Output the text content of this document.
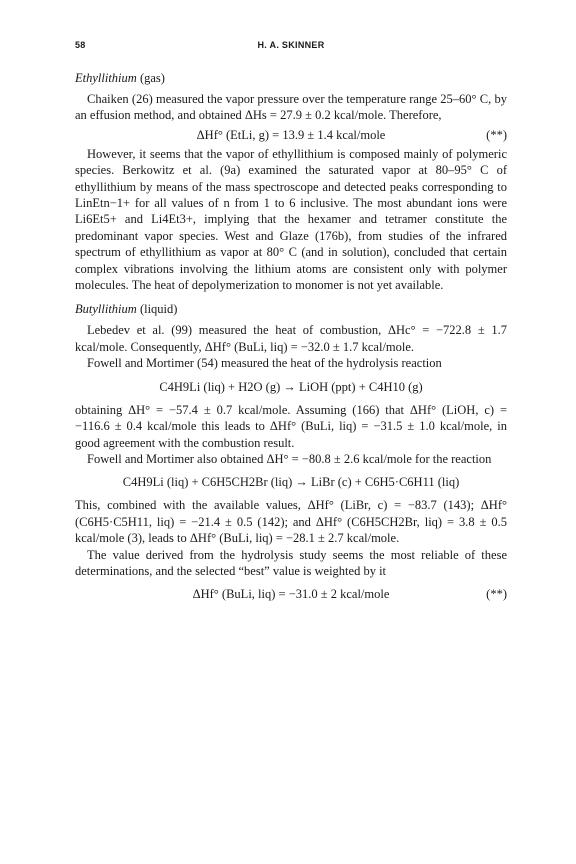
58	H. A. SKINNER
Ethyllithium (gas)

Chaiken (26) measured the vapor pressure over the temperature range 25–60° C, by an effusion method, and obtained ΔHs = 27.9 ± 0.2 kcal/mole. Therefore,

ΔHf° (EtLi, g) = 13.9 ± 1.4 kcal/mole	(**)

However, it seems that the vapor of ethyllithium is composed mainly of polymeric species. Berkowitz et al. (9a) examined the saturated vapor at 80–95° C of ethyllithium by means of the mass spectroscope and detected peaks corresponding to LinEtn−1+ for all values of n from 1 to 6 inclusive. The most abundant ions were Li6Et5+ and Li4Et3+, implying that the hexamer and tetramer constitute the predominant vapor species. West and Glaze (176b), from studies of the infrared spectrum of ethyllithium as vapor at 80° C (and in solution), concluded that certain complex vibrations involving the lithium atoms are consistent only with polymer molecules. The heat of depolymerization to monomer is not yet available.

Butyllithium (liquid)

Lebedev et al. (99) measured the heat of combustion, ΔHc° = −722.8 ± 1.7 kcal/mole. Consequently, ΔHf° (BuLi, liq) = −32.0 ± 1.7 kcal/mole.

Fowell and Mortimer (54) measured the heat of the hydrolysis reaction

C4H9Li (liq) + H2O (g) → LiOH (ppt) + C4H10 (g)

obtaining ΔH° = −57.4 ± 0.7 kcal/mole. Assuming (166) that ΔHf° (LiOH, c) = −116.6 ± 0.4 kcal/mole this leads to ΔHf° (BuLi, liq) = −31.5 ± 1.0 kcal/mole, in good agreement with the combustion result.

Fowell and Mortimer also obtained ΔH° = −80.8 ± 2.6 kcal/mole for the reaction

C4H9Li (liq) + C6H5CH2Br (liq) → LiBr (c) + C6H5·C6H11 (liq)

This, combined with the available values, ΔHf° (LiBr, c) = −83.7 (143); ΔHf° (C6H5·C5H11, liq) = −21.4 ± 0.5 (142); and ΔHf° (C6H5CH2Br, liq) = 3.8 ± 0.5 kcal/mole (3), leads to ΔHf° (BuLi, liq) = −28.1 ± 2.7 kcal/mole.

The value derived from the hydrolysis study seems the most reliable of these determinations, and the selected “best” value is weighted by it

ΔHf° (BuLi, liq) = −31.0 ± 2 kcal/mole	(**)
